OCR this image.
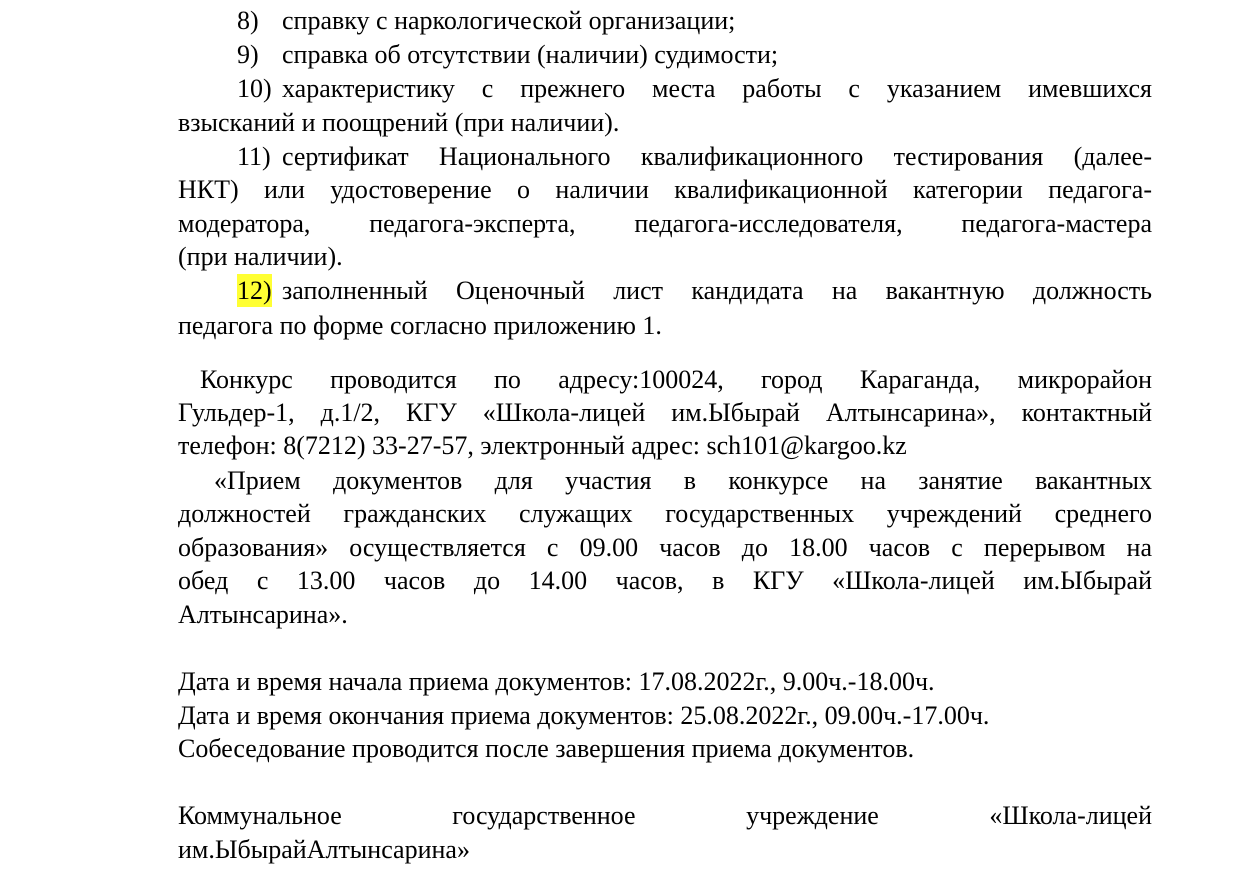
8) справку с наркологической организации;
9) справка об отсутствии (наличии) судимости;
10) характеристику с прежнего места работы с указанием имевшихся
взысканий и поощрений (при наличии).
11) сертификат Национального квалификационного тестирования (далее-
НКТ) или удостоверение о наличии квалификационной категории педагога-
модератора, педагога-эксперта, педагога-исследователя, педагога-мастера
(при наличии).
12) заполненный Оценочный лист кандидата на вакантную должность
педагога по форме согласно приложению 1.
Конкурс проводится по адресу:100024, город Караганда, микрорайон
Гульдер-1, д.1/2, КГУ «Школа-лицей им.Ыбырай Алтынсарина», контактный
телефон: 8(7212) 33-27-57, электронный адрес: sch101@kargoo.kz
«Прием документов для участия в конкурсе на занятие вакантных
должностей гражданских служащих государственных учреждений среднего
образования» осуществляется с 09.00 часов до 18.00 часов с перерывом на
обед с 13.00 часов до 14.00 часов, в КГУ «Школа-лицей им.Ыбырай
Алтынсарина».
Дата и время начала приема документов: 17.08.2022г., 9.00ч.-18.00ч.
Дата и время окончания приема документов: 25.08.2022г., 09.00ч.-17.00ч.
Собеседование проводится после завершения приема документов.
Коммунальное государственное учреждение «Школа-лицей
им.ЫбырайАлтынсарина»
